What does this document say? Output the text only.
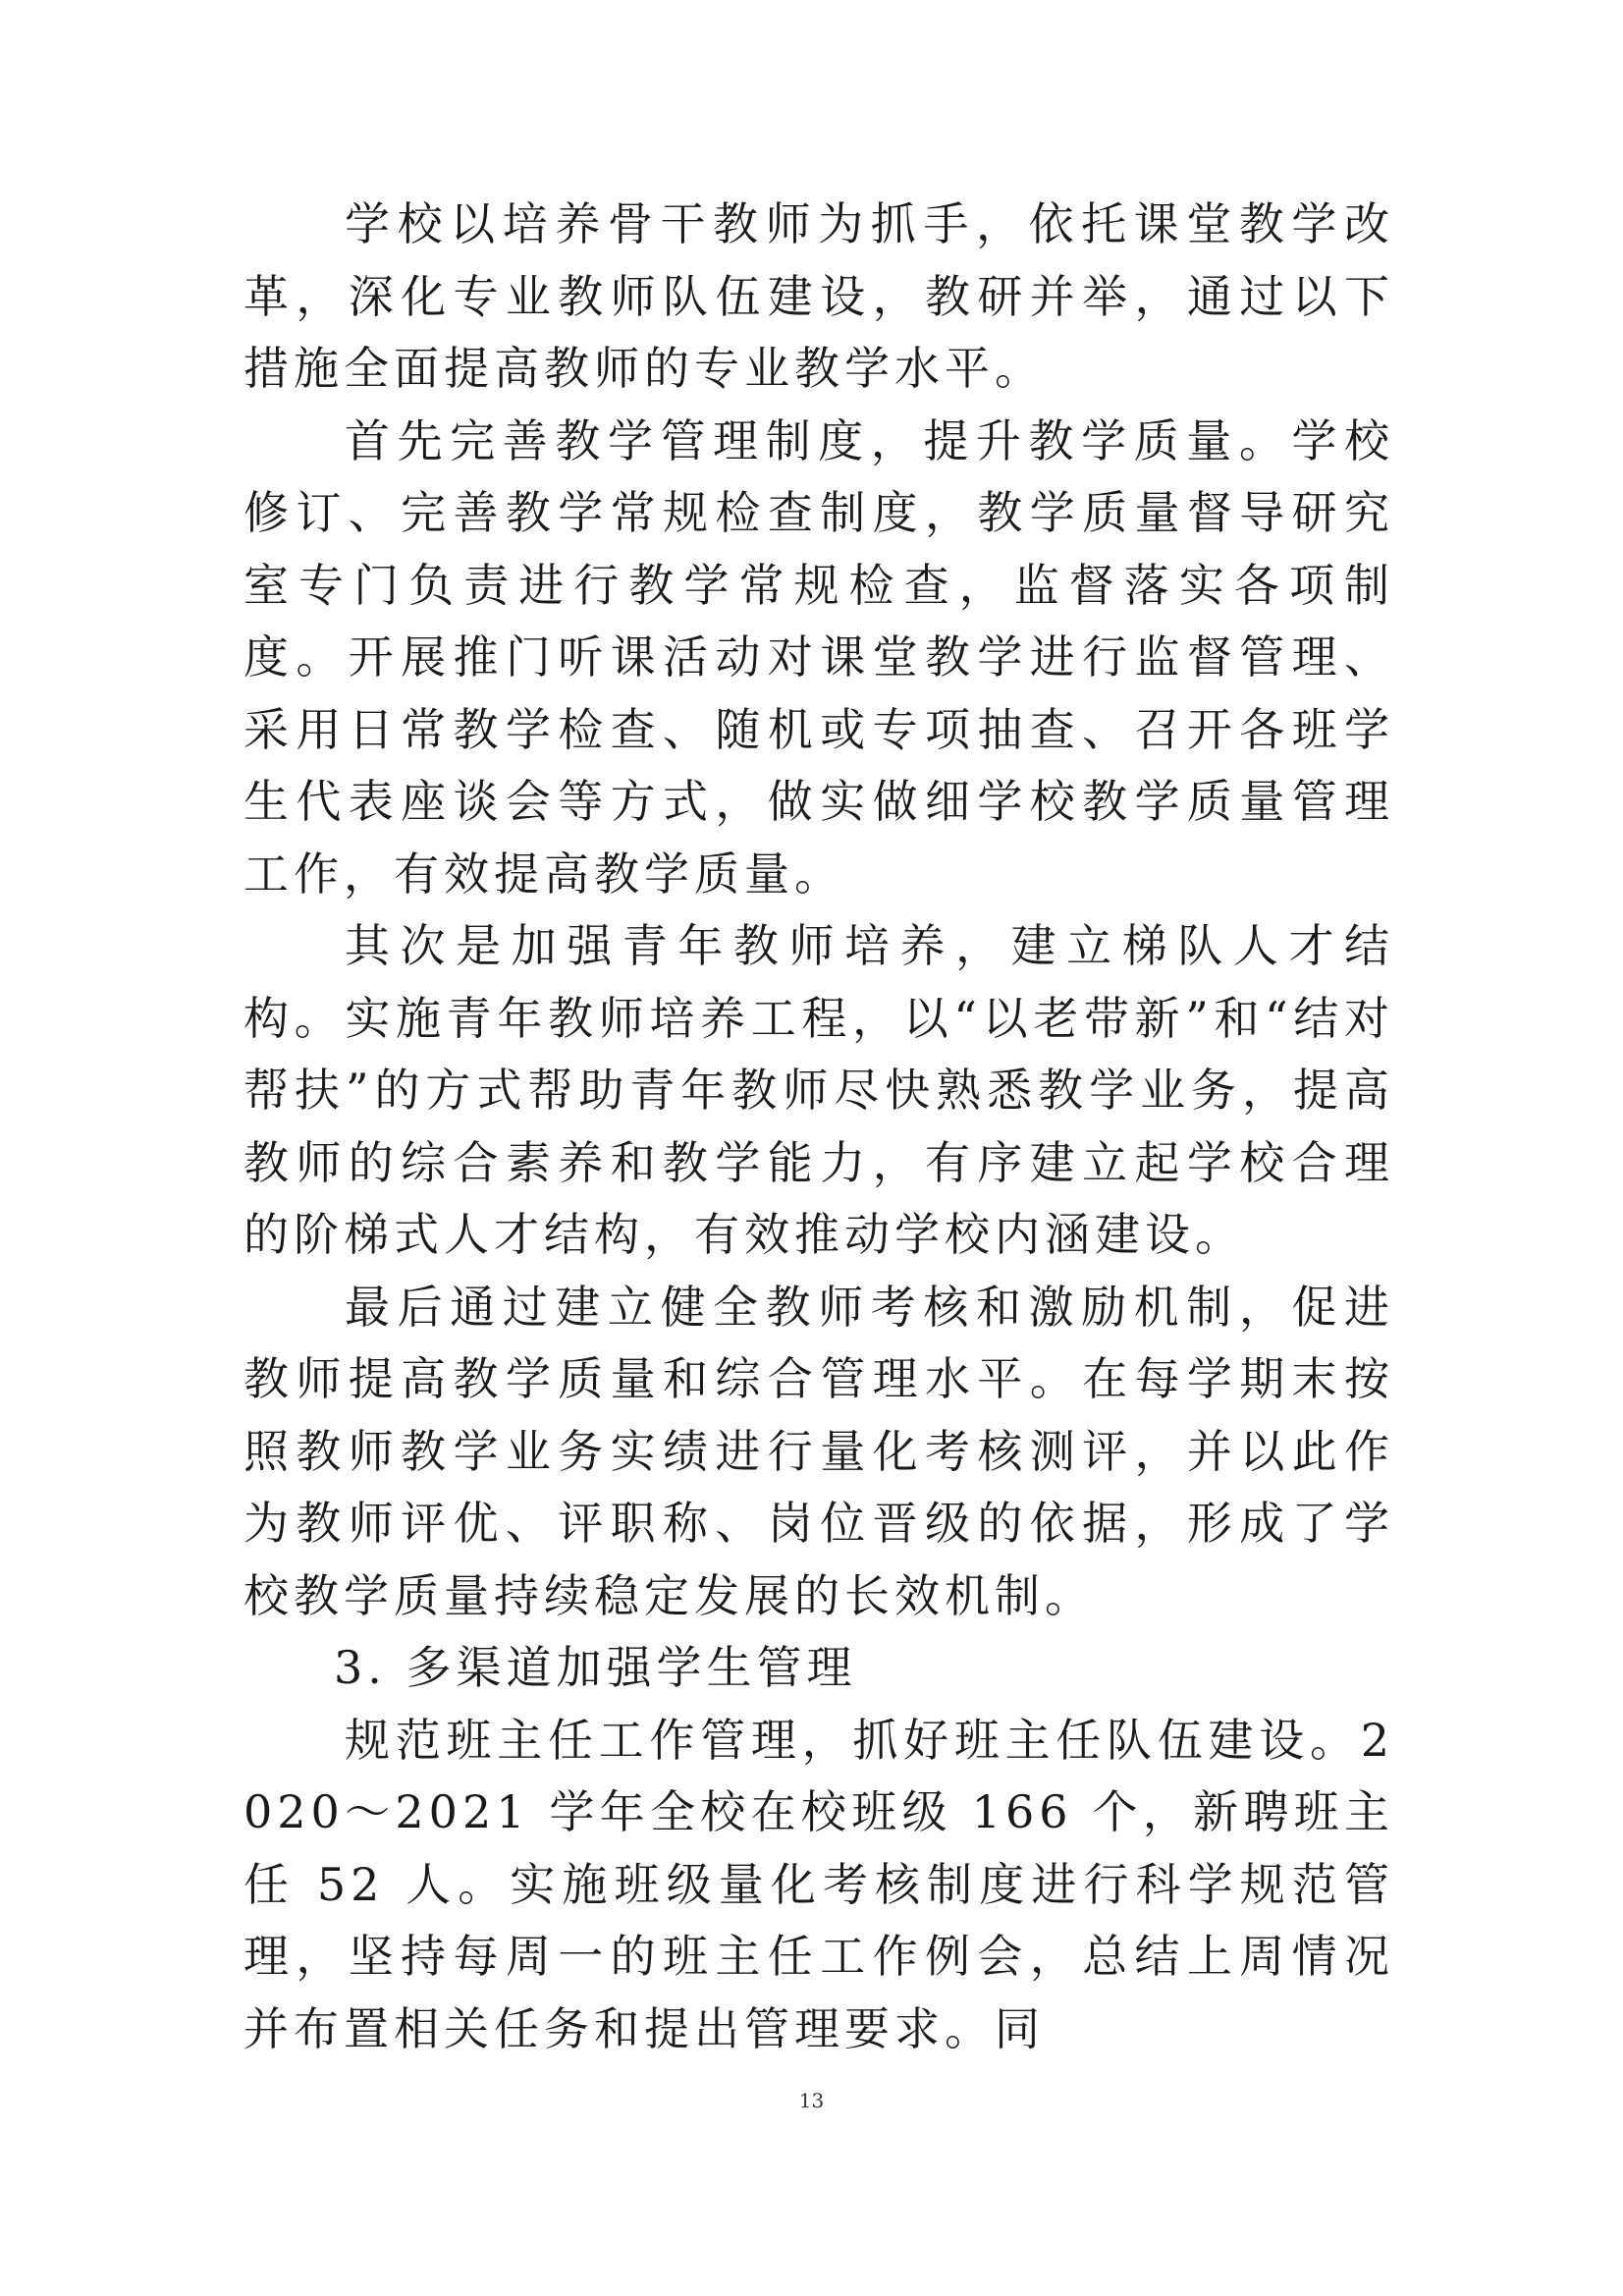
学校以培养骨干教师为抓手，依托课堂教学改革，深化专业教师队伍建设，教研并举，通过以下措施全面提高教师的专业教学水平。

首先完善教学管理制度，提升教学质量。学校修订、完善教学常规检查制度，教学质量督导研究室专门负责进行教学常规检查，监督落实各项制度。开展推门听课活动对课堂教学进行监督管理、采用日常教学检查、随机或专项抽查、召开各班学生代表座谈会等方式，做实做细学校教学质量管理工作，有效提高教学质量。

其次是加强青年教师培养，建立梯队人才结构。实施青年教师培养工程，以“以老带新”和“结对帮扶”的方式帮助青年教师尽快熟悉教学业务，提高教师的综合素养和教学能力，有序建立起学校合理的阶梯式人才结构，有效推动学校内涵建设。

最后通过建立健全教师考核和激励机制，促进教师提高教学质量和综合管理水平。在每学期末按照教师教学业务实绩进行量化考核测评，并以此作为教师评优、评职称、岗位晋级的依据，形成了学校教学质量持续稳定发展的长效机制。

3. 多渠道加强学生管理

规范班主任工作管理，抓好班主任队伍建设。2020～2021 学年全校在校班级 166 个，新聘班主任 52 人。实施班级量化考核制度进行科学规范管理，坚持每周一的班主任工作例会，总结上周情况并布置相关任务和提出管理要求。同

13
